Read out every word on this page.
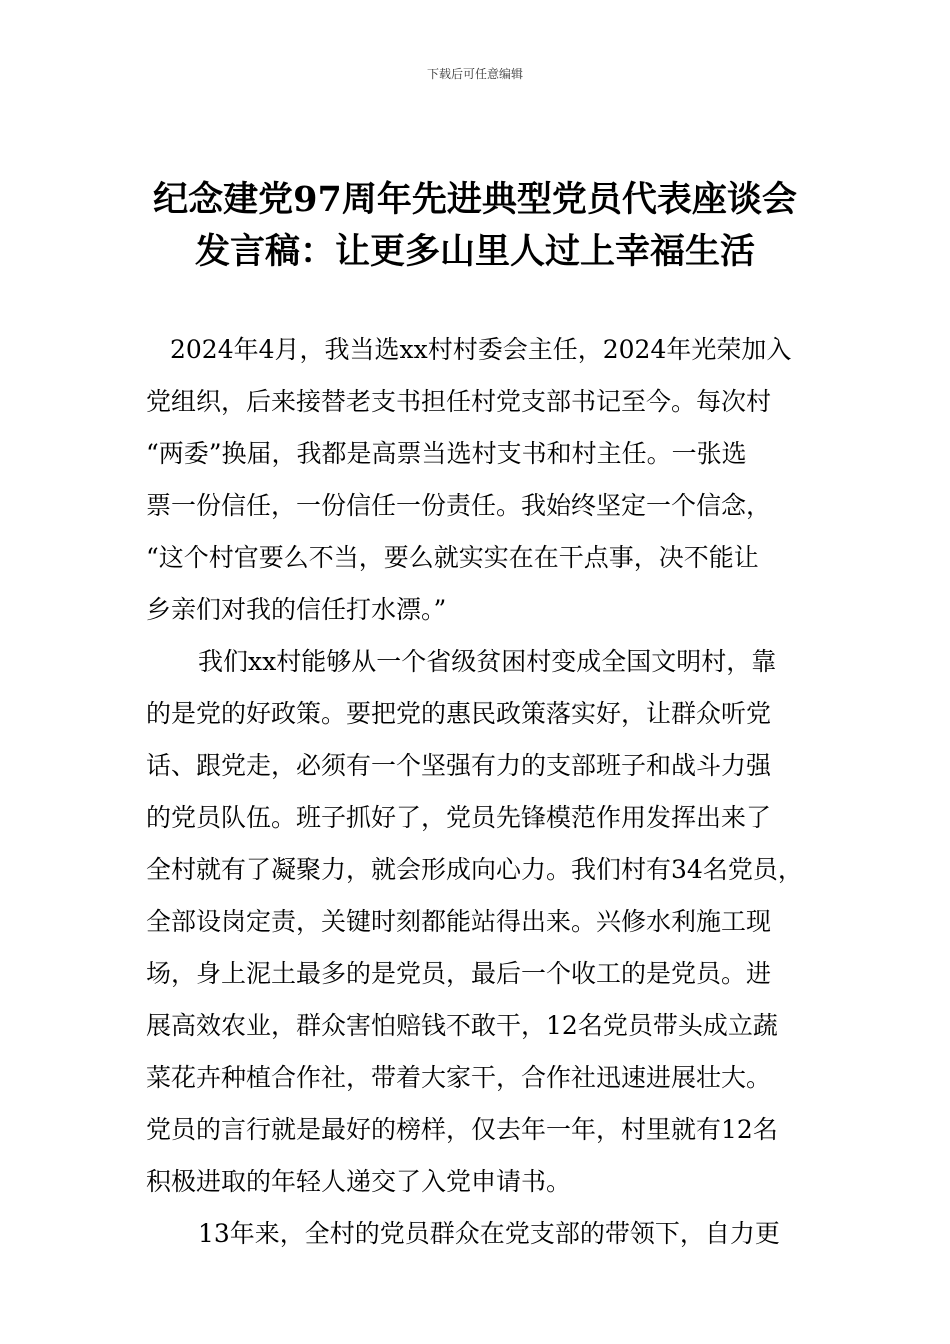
下载后可任意编辑
纪念建党97周年先进典型党员代表座谈会
发言稿：让更多山里人过上幸福生活
2024年4月，我当选xx村村委会主任，2024年光荣加入
党组织，后来接替老支书担任村党支部书记至今。每次村
“两委”换届，我都是高票当选村支书和村主任。一张选
票一份信任，一份信任一份责任。我始终坚定一个信念，
“这个村官要么不当，要么就实实在在干点事，决不能让
乡亲们对我的信任打水漂。”
我们xx村能够从一个省级贫困村变成全国文明村，靠
的是党的好政策。要把党的惠民政策落实好，让群众听党
话、跟党走，必须有一个坚强有力的支部班子和战斗力强
的党员队伍。班子抓好了，党员先锋模范作用发挥出来了
全村就有了凝聚力，就会形成向心力。我们村有34名党员，
全部设岗定责，关键时刻都能站得出来。兴修水利施工现
场，身上泥土最多的是党员，最后一个收工的是党员。进
展高效农业，群众害怕赔钱不敢干，12名党员带头成立蔬
菜花卉种植合作社，带着大家干，合作社迅速进展壮大。
党员的言行就是最好的榜样，仅去年一年，村里就有12名
积极进取的年轻人递交了入党申请书。
13年来，全村的党员群众在党支部的带领下，自力更
